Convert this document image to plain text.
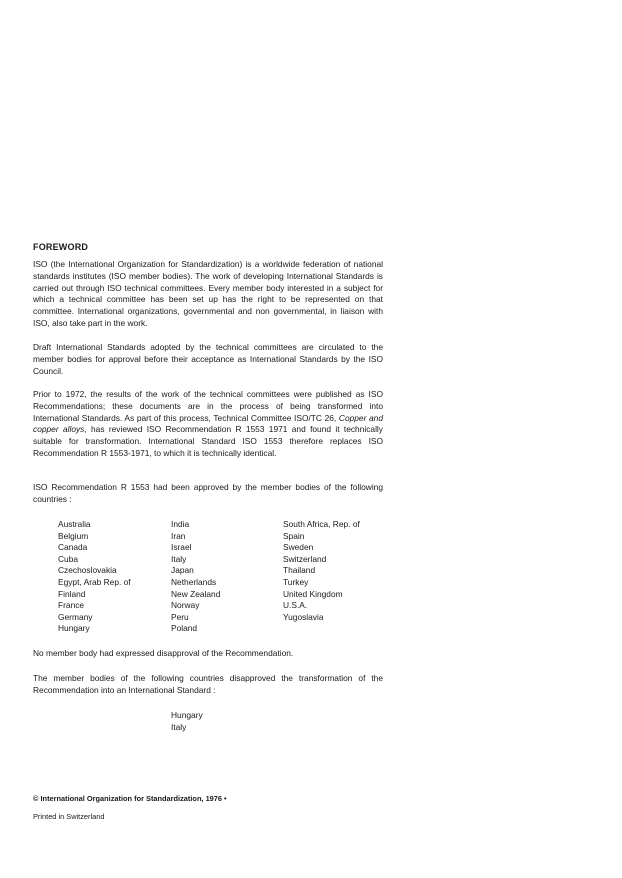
FOREWORD

ISO (the International Organization for Standardization) is a worldwide federation of national standards institutes (ISO member bodies). The work of developing International Standards is carried out through ISO technical committees. Every member body interested in a subject for which a technical committee has been set up has the right to be represented on that committee. International organizations, governmental and non governmental, in liaison with ISO, also take part in the work.

Draft International Standards adopted by the technical committees are circulated to the member bodies for approval before their acceptance as International Standards by the ISO Council.

Prior to 1972, the results of the work of the technical committees were published as ISO Recommendations; these documents are in the process of being transformed into International Standards. As part of this process, Technical Committee ISO/TC 26, Copper and copper alloys, has reviewed ISO Recommendation R 1553 1971 and found it technically suitable for transformation. International Standard ISO 1553 therefore replaces ISO Recommendation R 1553-1971, to which it is technically identical.

ISO Recommendation R 1553 had been approved by the member bodies of the following countries :

Australia
Belgium
Canada
Cuba
Czechoslovakia
Egypt, Arab Rep. of
Finland
France
Germany
Hungary
India
Iran
Israel
Italy
Japan
Netherlands
New Zealand
Norway
Peru
Poland
South Africa, Rep. of
Spain
Sweden
Switzerland
Thailand
Turkey
United Kingdom
U.S.A.
Yugoslavia

No member body had expressed disapproval of the Recommendation.

The member bodies of the following countries disapproved the transformation of the Recommendation into an International Standard :

Hungary
Italy
© International Organization for Standardization, 1976 •
Printed in Switzerland
